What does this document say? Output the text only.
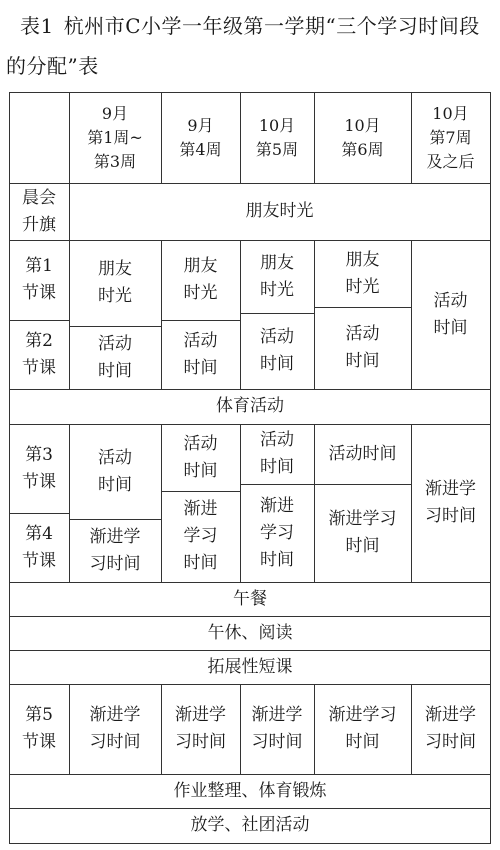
表1 杭州市C小学一年级第一学期“三个学习时间段的分配”表
9月
第1周~
第3周
9月
第4周
10月
第5周
10月
第6周
10月
第7周
及之后
晨会
升旗
朋友时光
第1
节课
第2
节课
朋友
时光
朋友
时光
朋友
时光
朋友
时光
活动
时间
活动
时间
活动
时间
活动
时间
活动
时间
体育活动
第3
节课
第4
节课
活动
时间
活动
时间
活动
时间
活动时间
渐进学
习时间
渐进
学习
时间
渐进
学习
时间
渐进学习
时间
渐进学
习时间
午餐
午休、阅读
拓展性短课
第5
节课
渐进学
习时间
渐进学
习时间
渐进学
习时间
渐进学习
时间
渐进学
习时间
作业整理、体育锻炼
放学、社团活动
